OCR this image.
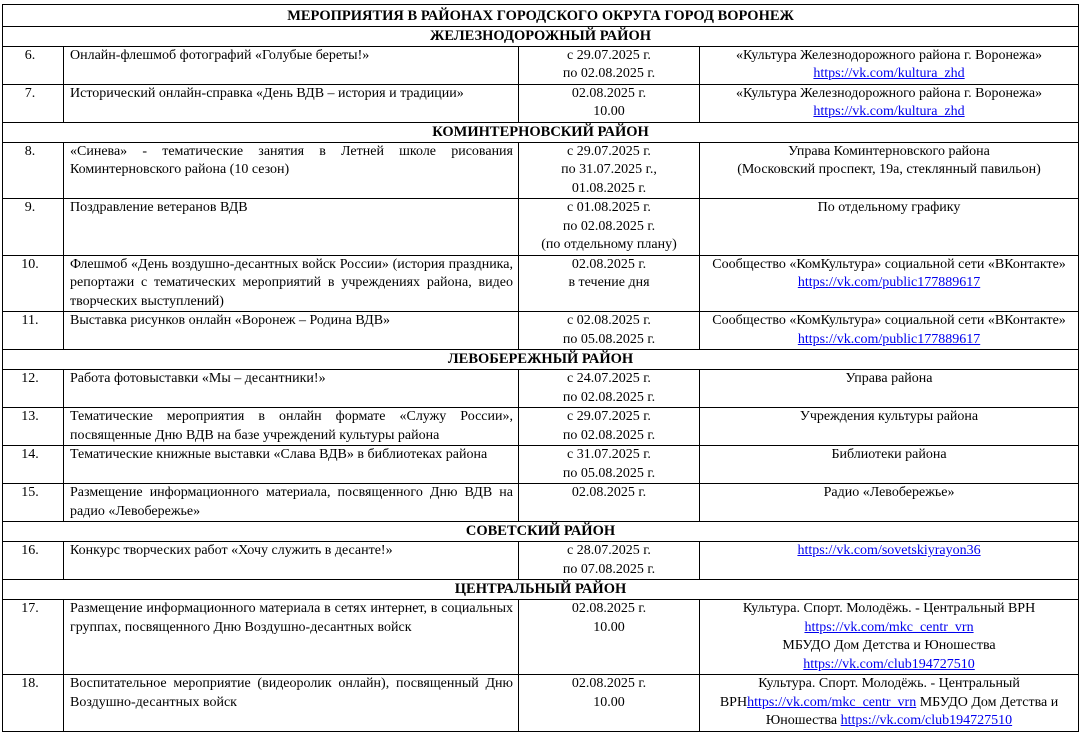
МЕРОПРИЯТИЯ В РАЙОНАХ ГОРОДСКОГО ОКРУГА ГОРОД ВОРОНЕЖ			
ЖЕЛЕЗНОДОРОЖНЫЙ РАЙОН			
6.	Онлайн-флешмоб фотографий «Голубые береты!»	с 29.07.2025 г.
по 02.08.2025 г.	«Культура Железнодорожного района г. Воронежа»
https://vk.com/kultura_zhd

7.	Исторический онлайн-справка «День ВДВ – история и традиции»	02.08.2025 г.
10.00	«Культура Железнодорожного района г. Воронежа»
https://vk.com/kultura_zhd

КОМИНТЕРНОВСКИЙ РАЙОН			
8.	«Синева» - тематические занятия в Летней школе рисования Коминтерновского района (10 сезон)	с 29.07.2025 г.
по 31.07.2025 г.,
01.08.2025 г.	Управа Коминтерновского района
(Московский проспект, 19а, стеклянный павильон)

9.	Поздравление ветеранов ВДВ	с 01.08.2025 г.
по 02.08.2025 г.
(по отдельному плану)	По отдельному графику

10.	Флешмоб «День воздушно-десантных войск России» (история праздника, репортажи с тематических мероприятий в учреждениях района, видео творческих выступлений)	02.08.2025 г.
в течение дня	Сообщество «КомКультура» социальной сети «ВКонтакте»
https://vk.com/public177889617

11.	Выставка рисунков онлайн «Воронеж – Родина ВДВ»	с 02.08.2025 г.
по 05.08.2025 г.	Сообщество «КомКультура» социальной сети «ВКонтакте»
https://vk.com/public177889617

ЛЕВОБЕРЕЖНЫЙ РАЙОН			
12.	Работа фотовыставки «Мы – десантники!»	с 24.07.2025 г.
по 02.08.2025 г.	Управа района

13.	Тематические мероприятия в онлайн формате «Служу России», посвященные Дню ВДВ на базе учреждений культуры района	с 29.07.2025 г.
по 02.08.2025 г.	Учреждения культуры района

14.	Тематические книжные выставки «Слава ВДВ» в библиотеках района	с 31.07.2025 г.
по 05.08.2025 г.	Библиотеки района

15.	Размещение информационного материала, посвященного Дню ВДВ на радио «Левобережье»	02.08.2025 г.	Радио «Левобережье»

СОВЕТСКИЙ РАЙОН			
16.	Конкурс творческих работ «Хочу служить в десанте!»	с 28.07.2025 г.
по 07.08.2025 г.	https://vk.com/sovetskiyrayon36

ЦЕНТРАЛЬНЫЙ РАЙОН			
17.	Размещение информационного материала в сетях интернет, в социальных группах, посвященного Дню Воздушно-десантных войск	02.08.2025 г.
10.00	Культура. Спорт. Молодёжь. - Центральный ВРН
https://vk.com/mkc_centr_vrn
МБУДО Дом Детства и Юношества
https://vk.com/club194727510

18.	Воспитательное мероприятие (видеоролик онлайн), посвященный Дню Воздушно-десантных войск	02.08.2025 г.
10.00	Культура. Спорт. Молодёжь. - Центральный ВРНhttps://vk.com/mkc_centr_vrn МБУДО Дом Детства и Юношества https://vk.com/club194727510
